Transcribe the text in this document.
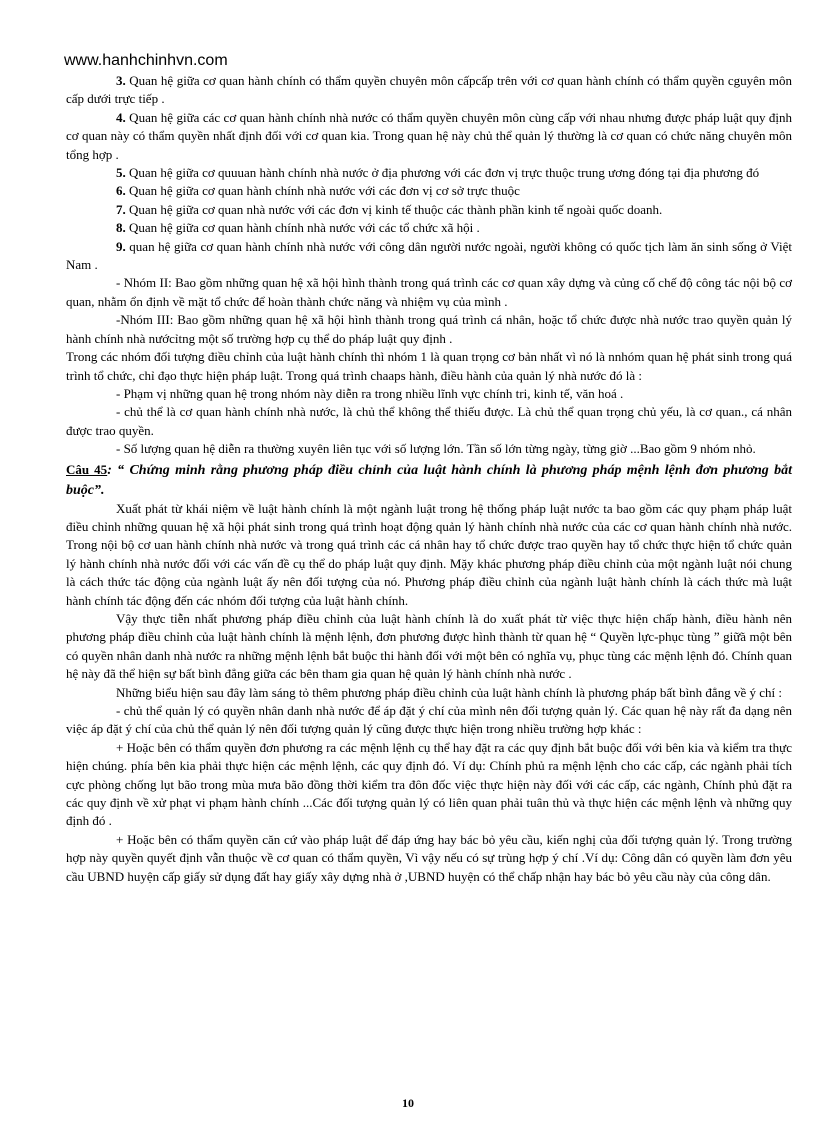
www.hanhchinhvn.com

3. Quan hệ giữa cơ quan hành chính có thẩm quyền chuyên môn cấpcấp trên với cơ quan hành chính có thẩm quyền cguyên môn cấp dưới trực tiếp .

4. Quan hệ giữa các cơ quan hành chính nhà nước có thẩm quyền chuyên môn cùng cấp với nhau nhưng được pháp luật quy định cơ quan này có thẩm quyền nhất định đối với cơ quan kia. Trong quan hệ này chủ thể quản lý thường là cơ quan có chức năng chuyên môn tổng hợp .

5. Quan hệ giữa cơ quuuan hành chính nhà nước ở địa phương với các đơn vị trực thuộc trung ương đóng tại địa phương đó

6. Quan hệ giữa cơ quan hành chính nhà nước với các đơn vị cơ sở trực thuộc

7. Quan hệ giữa cơ quan nhà nước với các đơn vị kinh tế thuộc các thành phần kinh tế ngoài quốc doanh.

8. Quan hệ giữa cơ quan hành chính nhà nước với các tổ chức xã hội .

9. quan hệ giữa cơ quan hành chính nhà nước với công dân người nước ngoài, người không có quốc tịch làm ăn sinh sống ở Việt Nam .

- Nhóm II: Bao gồm những quan hệ xã hội hình thành trong quá trình các cơ quan xây dựng và củng cố chế độ công tác nội bộ cơ quan, nhằm ổn định về mặt tổ chức để hoàn thành chức năng và nhiệm vụ của mình .

-Nhóm III: Bao gồm những quan hệ xã hội hình thành trong quá trình cá nhân, hoặc tổ chức được nhà nước trao quyền quản lý hành chính nhà nướcỉtng một số trường hợp cụ thể do pháp luật quy định .

Trong các nhóm đối tượng điều chỉnh của luật hành chính thì nhóm 1 là quan trọng cơ bản nhất vì nó là nnhóm quan hệ phát sinh trong quá trình tổ chức, chỉ đạo thực hiện pháp luật. Trong quá trình chaaps hành, điều hành của quản lý nhà nước đó là :

- Phạm vị những quan hệ trong nhóm này diễn ra trong nhiều lĩnh vực chính tri, kinh tế, văn hoá .

- chủ thể là cơ quan hành chính nhà nước, là chủ thể không thể thiếu được. Là chủ thể quan trọng chủ yếu, là cơ quan., cá nhân được trao quyền.

- Số lượng quan hệ diễn ra thường xuyên liên tục với số lượng lớn. Tần số lớn từng ngày, từng giờ ...Bao gồm 9 nhóm nhỏ.

Câu 45: “ Chứng minh rằng phương pháp điều chỉnh của luật hành chính là phương pháp mệnh lệnh đơn phương bắt buộc”.

Xuất phát từ khái niệm về luật hành chính là một ngành luật trong hệ thống pháp luật nước ta bao gồm các quy phạm pháp luật điều chỉnh những quuan hệ xã hội phát sinh trong quá trình hoạt động quản lý hành chính nhà nước của các cơ quan hành chính nhà nước. Trong nội bộ cơ uan hành chính nhà nước và trong quá trình các cá nhân hay tổ chức được trao quyền hay tổ chức thực hiện tổ chức quản lý hành chính nhà nước đối với các vấn đề cụ thể do pháp luật quy định. Mặy khác phương pháp điều chỉnh của một ngành luật nói chung là cách thức tác động của ngành luật ấy nên đối tượng của nó. Phương pháp điều chỉnh của ngành luật hành chính là cách thức mà luật hành chính tác động đến các nhóm đối tượng của luật hành chính.

Vậy thực tiễn nhất phương pháp điều chỉnh của luật hành chính là do xuất phát từ việc thực hiện chấp hành, điều hành nên phương pháp điều chỉnh của luật hành chính là mệnh lệnh, đơn phương được hình thành từ quan hệ “ Quyền lực-phục tùng ” giữ̃a một bên có quyền nhân danh nhà nước ra những mệnh lệnh bắt buộc thi hành đối với một bên có nghĩa vụ, phục tùng các mệnh lệnh đó. Chính quan hệ này đã thể hiện sự bất bình đẳng giữa các bên tham gia quan hệ quản lý hành chính nhà nước .

Những biểu hiện sau đây làm sáng tỏ thêm phương pháp điều chỉnh của luật hành chính là phương pháp bất bình đẳng về ý chí :

- chủ thể quản lý có quyền nhân danh nhà nước để áp đặt ý chí của mình nên đối tượng quản lý. Các quan hệ này rất đa dạng nên việc áp đặt ý chí của chủ thể quản lý nên đối tượng quản lý cũng được thực hiện trong nhiều trường hợp khác :

+ Hoặc bên có thẩm quyền đơn phương ra các mệnh lệnh cụ thể hay đặt ra các quy định bắt buộc đối với bên kia và kiểm tra thực hiện chúng. phía bên kia phải thực hiện các mệnh lệnh, các quy định đó. Ví dụ: Chính phủ ra mệnh lệnh cho các cấp, các ngành phải tích cực phòng chống lụt bão trong mùa mưa bão đồng thời kiểm tra đôn đốc việc thực hiện này đối với các cấp, các ngành, Chính phủ đặt ra các quy định về xử phạt vi phạm hành chính ...Các đối tượng quản lý có liên quan phải tuân thủ và thực hiện các mệnh lệnh và những quy định đó .

+ Hoặc bên có thẩm quyền căn cứ vào pháp luật để đáp ứng hay bác bỏ yêu cầu, kiến nghị của đối tượng quản lý. Trong trường hợp này quyền quyết định vẫn thuộc về cơ quan có thẩm quyền, Vì vậy nếu có sự trùng hợp ý chí .Ví dụ: Công dân có quyền làm đơn yêu cầu UBND huyện cấp giấy sử dụng đất hay giấy xây dựng nhà ở ,UBND huyện có thể chấp nhận hay bác bỏ yêu cầu này của công dân.

10
